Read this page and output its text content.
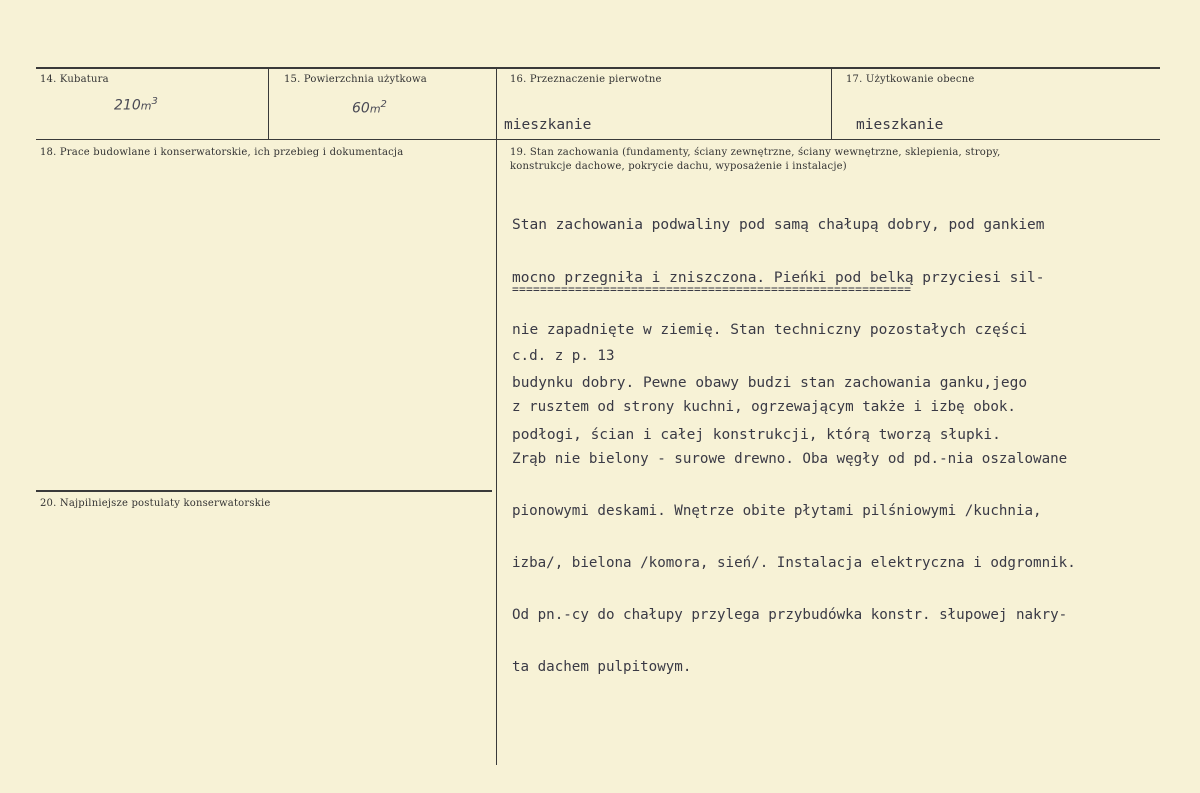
14. Kubatura
$210m^3$
15. Powierzchnia użytkowa
$60m^2$
16. Przeznaczenie pierwotne
mieszkanie
17. Użytkowanie obecne
mieszkanie
18. Prace budowlane i konserwatorskie, ich przebieg i dokumentacja	19. Stan zachowania (fundamenty, ściany zewnętrzne, ściany wewnętrzne, sklepienia, stropy,
konstrukcje dachowe, pokrycie dachu, wyposażenie i instalacje)

Stan zachowania podwaliny pod samą chałupą dobry, pod gankiem

mocno przegniła i zniszczona. Pieńki pod belką przyciesi sil-

nie zapadnięte w ziemię. Stan techniczny pozostałych części

budynku dobry. Pewne obawy budzi stan zachowania ganku,jego

podłogi, ścian i całej konstrukcji, którą tworzą słupki.

=========================================================

c.d. z p. 13

z rusztem od strony kuchni, ogrzewającym także i izbę obok.

Zrąb nie bielony - surowe drewno. Oba węgły od pd.-nia oszalowane

pionowymi deskami. Wnętrze obite płytami pilśniowymi /kuchnia,

izba/, bielona /komora, sień/. Instalacja elektryczna i odgromnik.

Od pn.-cy do chałupy przylega przybudówka konstr. słupowej nakry-

ta dachem pulpitowym.

20. Najpilniejsze postulaty konserwatorskie
